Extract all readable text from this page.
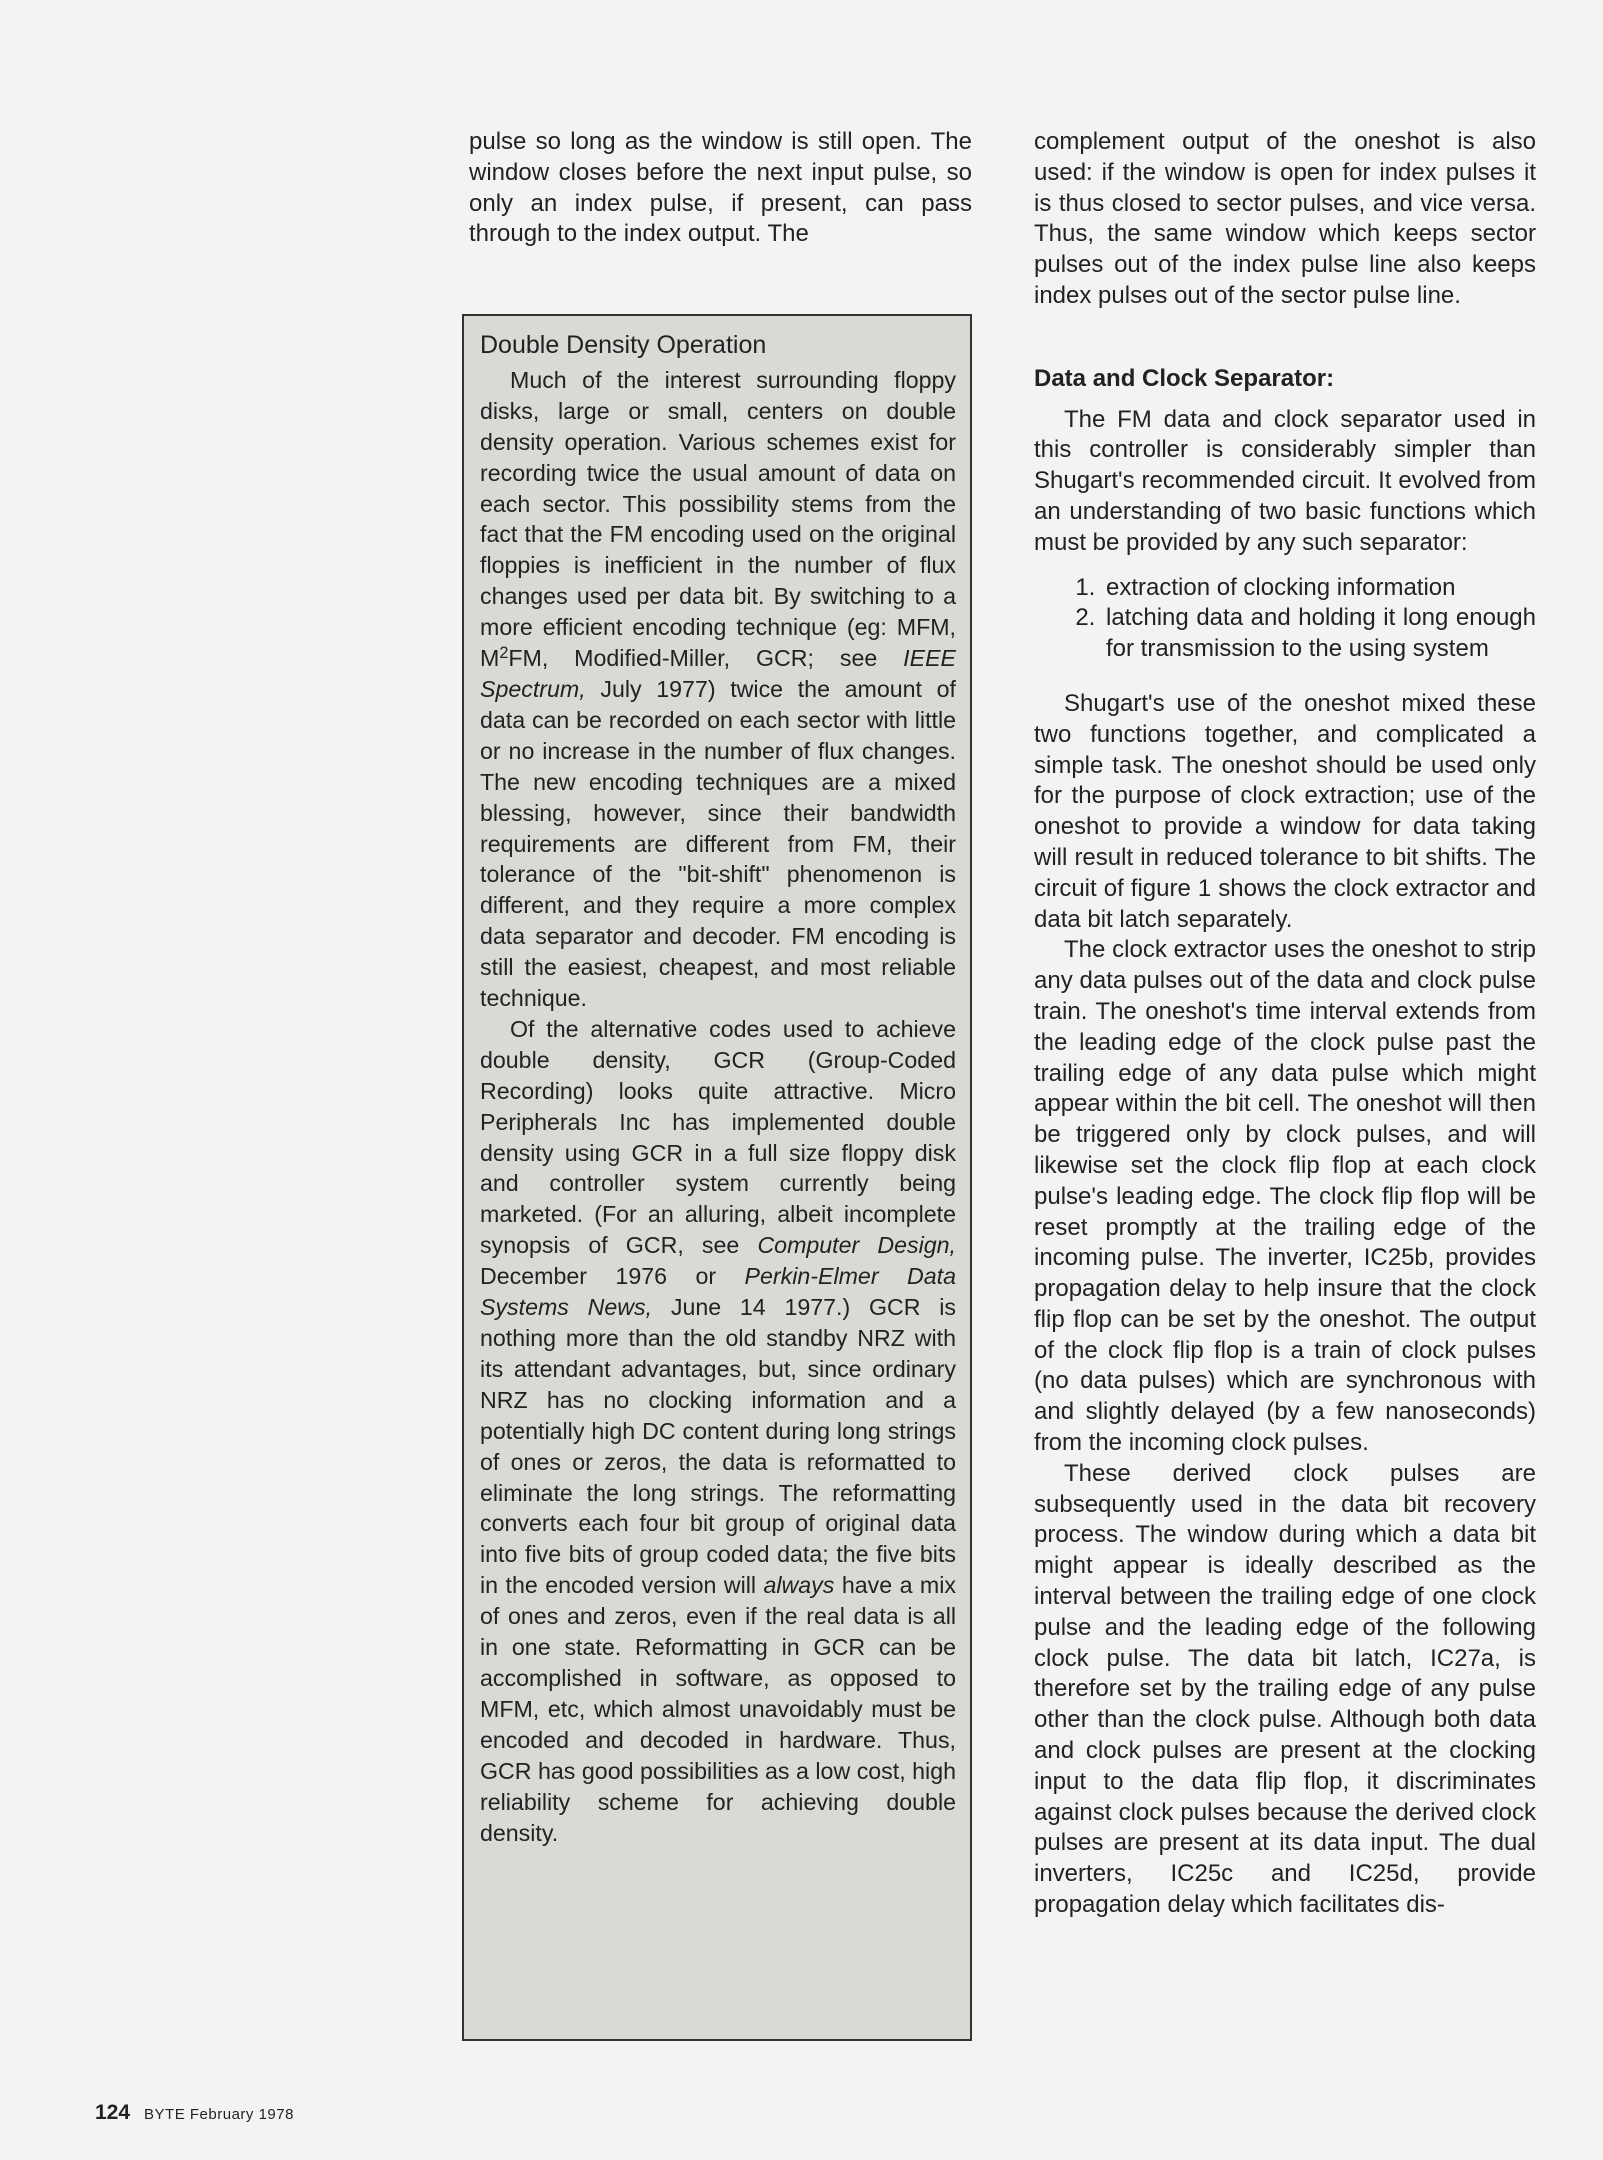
pulse so long as the window is still open. The window closes before the next input pulse, so only an index pulse, if present, can pass through to the index output. The

Double Density Operation

Much of the interest surrounding floppy disks, large or small, centers on double density operation. Various schemes exist for recording twice the usual amount of data on each sector. This possibility stems from the fact that the FM encoding used on the original floppies is inefficient in the number of flux changes used per data bit. By switching to a more efficient encoding technique (eg: MFM, $M^2FM$, Modified-Miller, GCR; see IEEE Spectrum, July 1977) twice the amount of data can be recorded on each sector with little or no increase in the number of flux changes. The new encoding techniques are a mixed blessing, however, since their bandwidth requirements are different from FM, their tolerance of the "bit-shift" phenomenon is different, and they require a more complex data separator and decoder. FM encoding is still the easiest, cheapest, and most reliable technique.

Of the alternative codes used to achieve double density, GCR (Group-Coded Recording) looks quite attractive. Micro Peripherals Inc has implemented double density using GCR in a full size floppy disk and controller system currently being marketed. (For an alluring, albeit incomplete synopsis of GCR, see Computer Design, December 1976 or Perkin-Elmer Data Systems News, June 14 1977.) GCR is nothing more than the old standby NRZ with its attendant advantages, but, since ordinary NRZ has no clocking information and a potentially high DC content during long strings of ones or zeros, the data is reformatted to eliminate the long strings. The reformatting converts each four bit group of original data into five bits of group coded data; the five bits in the encoded version will always have a mix of ones and zeros, even if the real data is all in one state. Reformatting in GCR can be accomplished in software, as opposed to MFM, etc, which almost unavoidably must be encoded and decoded in hardware. Thus, GCR has good possibilities as a low cost, high reliability scheme for achieving double density.

complement output of the oneshot is also used: if the window is open for index pulses it is thus closed to sector pulses, and vice versa. Thus, the same window which keeps sector pulses out of the index pulse line also keeps index pulses out of the sector pulse line.

Data and Clock Separator:

The FM data and clock separator used in this controller is considerably simpler than Shugart's recommended circuit. It evolved from an understanding of two basic functions which must be provided by any such separator:

1. extraction of clocking information
2. latching data and holding it long enough for transmission to the using system

Shugart's use of the oneshot mixed these two functions together, and complicated a simple task. The oneshot should be used only for the purpose of clock extraction; use of the oneshot to provide a window for data taking will result in reduced tolerance to bit shifts. The circuit of figure 1 shows the clock extractor and data bit latch separately.

The clock extractor uses the oneshot to strip any data pulses out of the data and clock pulse train. The oneshot's time interval extends from the leading edge of the clock pulse past the trailing edge of any data pulse which might appear within the bit cell. The oneshot will then be triggered only by clock pulses, and will likewise set the clock flip flop at each clock pulse's leading edge. The clock flip flop will be reset promptly at the trailing edge of the incoming pulse. The inverter, IC25b, provides propagation delay to help insure that the clock flip flop can be set by the oneshot. The output of the clock flip flop is a train of clock pulses (no data pulses) which are synchronous with and slightly delayed (by a few nanoseconds) from the incoming clock pulses.

These derived clock pulses are subsequently used in the data bit recovery process. The window during which a data bit might appear is ideally described as the interval between the trailing edge of one clock pulse and the leading edge of the following clock pulse. The data bit latch, IC27a, is therefore set by the trailing edge of any pulse other than the clock pulse. Although both data and clock pulses are present at the clocking input to the data flip flop, it discriminates against clock pulses because the derived clock pulses are present at its data input. The dual inverters, IC25c and IC25d, provide propagation delay which facilitates dis-

124 BYTE February 1978
